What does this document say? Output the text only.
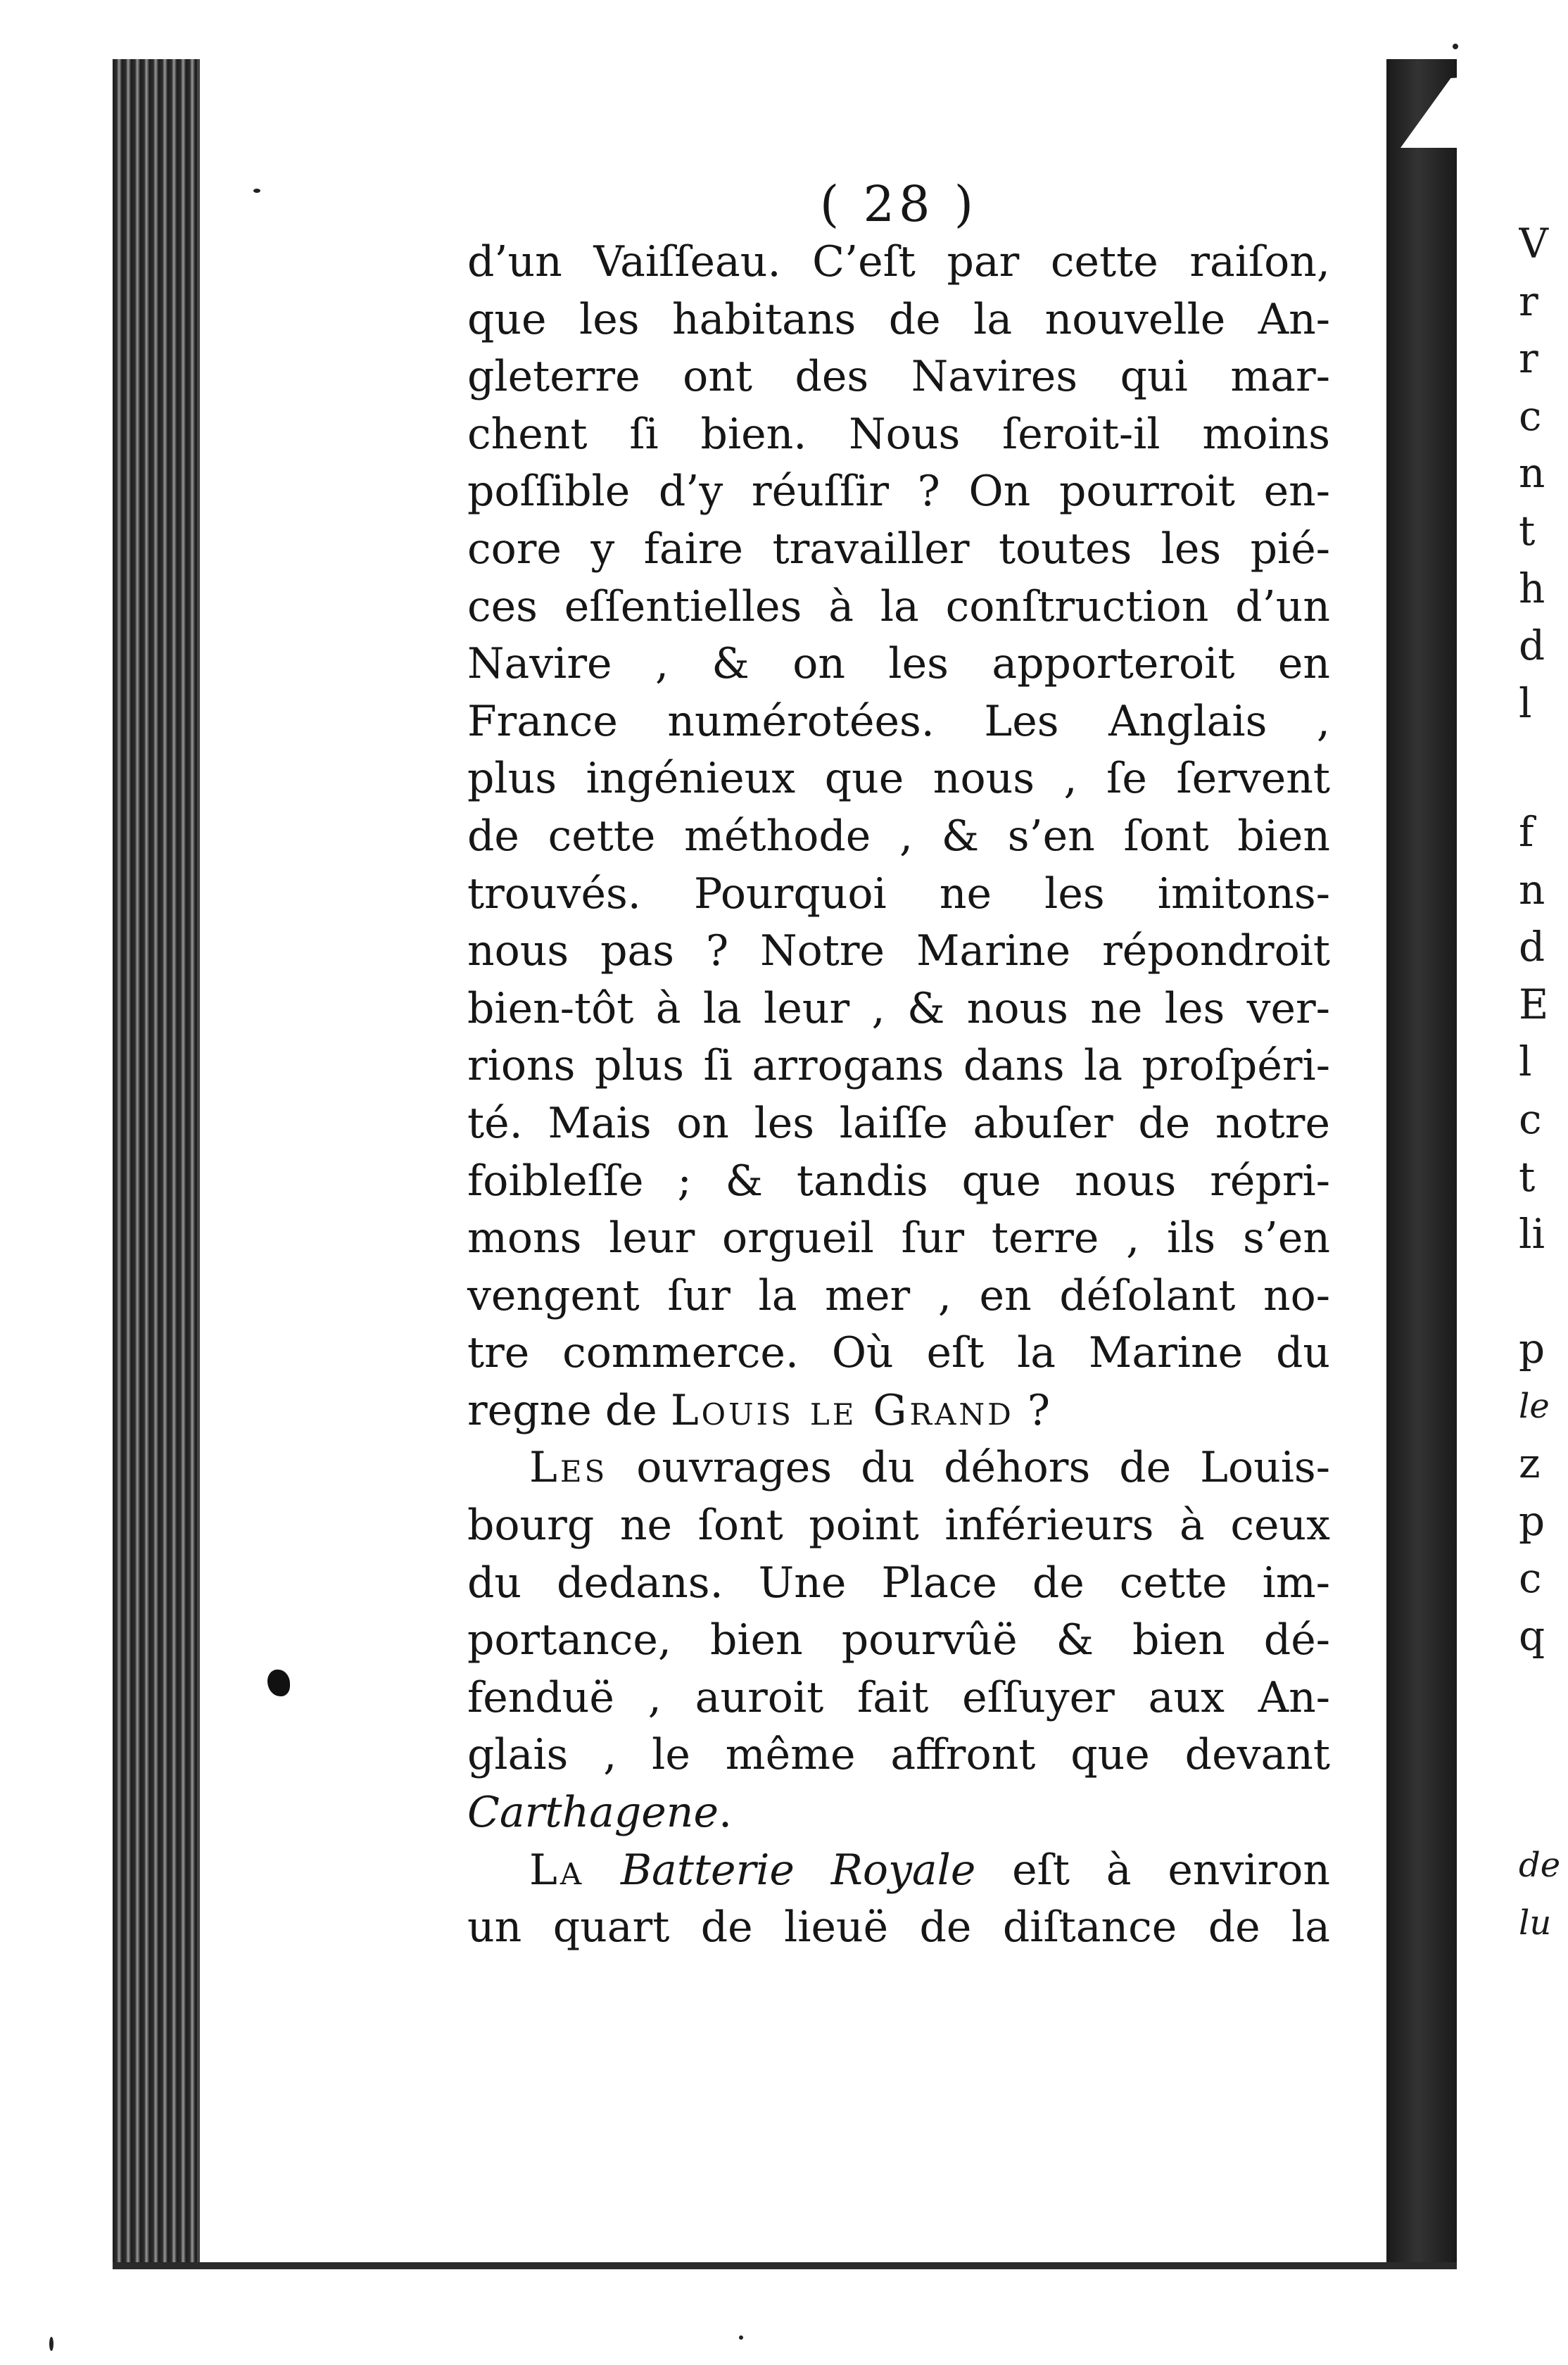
( 28 )
d’un Vaiſſeau. C’eſt par cette raiſon,
que les habitans de la nouvelle An-
gleterre ont des Navires qui mar-
chent ſi bien. Nous ſeroit-il moins
poſſible d’y réuſſir ? On pourroit en-
core y faire travailler toutes les pié-
ces eſſentielles à la conſtruction d’un
Navire , & on les apporteroit en
France numérotées. Les Anglais ,
plus ingénieux que nous , ſe ſervent
de cette méthode , & s’en ſont bien
trouvés. Pourquoi ne les imitons-
nous pas ? Notre Marine répondroit
bien-tôt à la leur , & nous ne les ver-
rions plus ſi arrogans dans la proſpéri-
té. Mais on les laiſſe abuſer de notre
foibleſſe ; & tandis que nous répri-
mons leur orgueil ſur terre , ils s’en
vengent ſur la mer , en déſolant no-
tre commerce. Où eſt la Marine du
regne de Louis le Grand ?
Les ouvrages du déhors de Louis-
bourg ne ſont point inférieurs à ceux
du dedans. Une Place de cette im-
portance, bien pourvûë & bien dé-
fenduë , auroit fait eſſuyer aux An-
glais , le même affront que devant
Carthagene.
La Batterie Royale eſt à environ
un quart de lieuë de diſtance de la
V
r
r
c
n
t
h
d
l
f
n
d
E
l
c
t
li
p
le
z
p
c
q
de
lu
